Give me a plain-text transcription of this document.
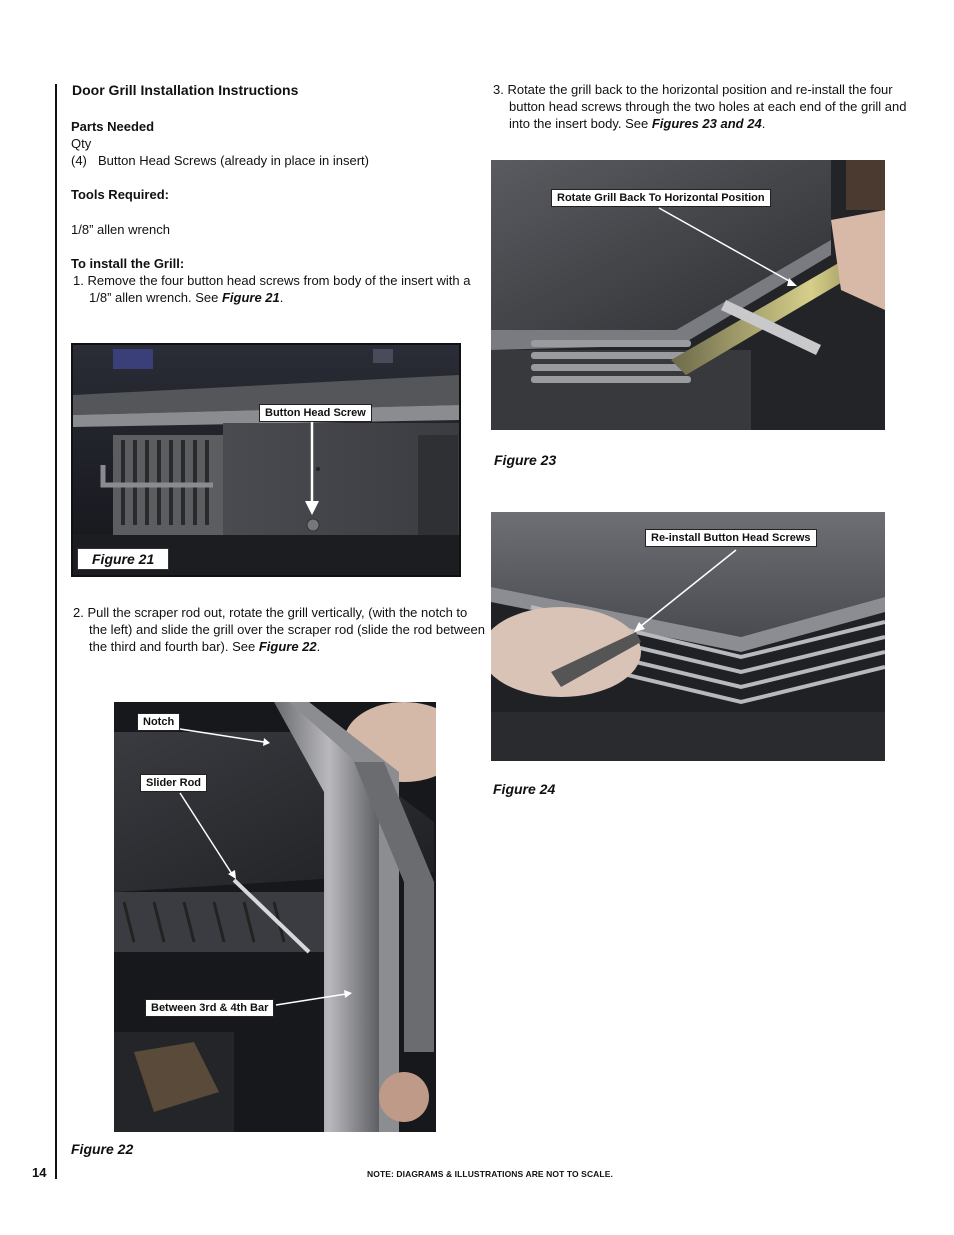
14
Door Grill Installation Instructions
Parts Needed
Qty
(4) Button Head Screws (already in place in insert)
Tools Required:
1/8” allen wrench
To install the Grill:
1. Remove the four button head screws from body of the insert with a
1/8” allen wrench. See Figure 21.
Button Head Screw
Figure 21
2. Pull the scraper rod out, rotate the grill vertically, (with the notch to
the left) and slide the grill over the scraper rod (slide the rod between
the third and fourth bar). See Figure 22.
Notch
Slider Rod
Between 3rd & 4th Bar
Figure 22
3. Rotate the grill back to the horizontal position and re-install the four
button head screws through the two holes at each end of the grill and
into the insert body. See Figures 23 and 24.
Rotate Grill Back To Horizontal Position
Figure 23
Re-install Button Head Screws
Figure 24
NOTE: DIAGRAMS & ILLUSTRATIONS ARE NOT TO SCALE.
